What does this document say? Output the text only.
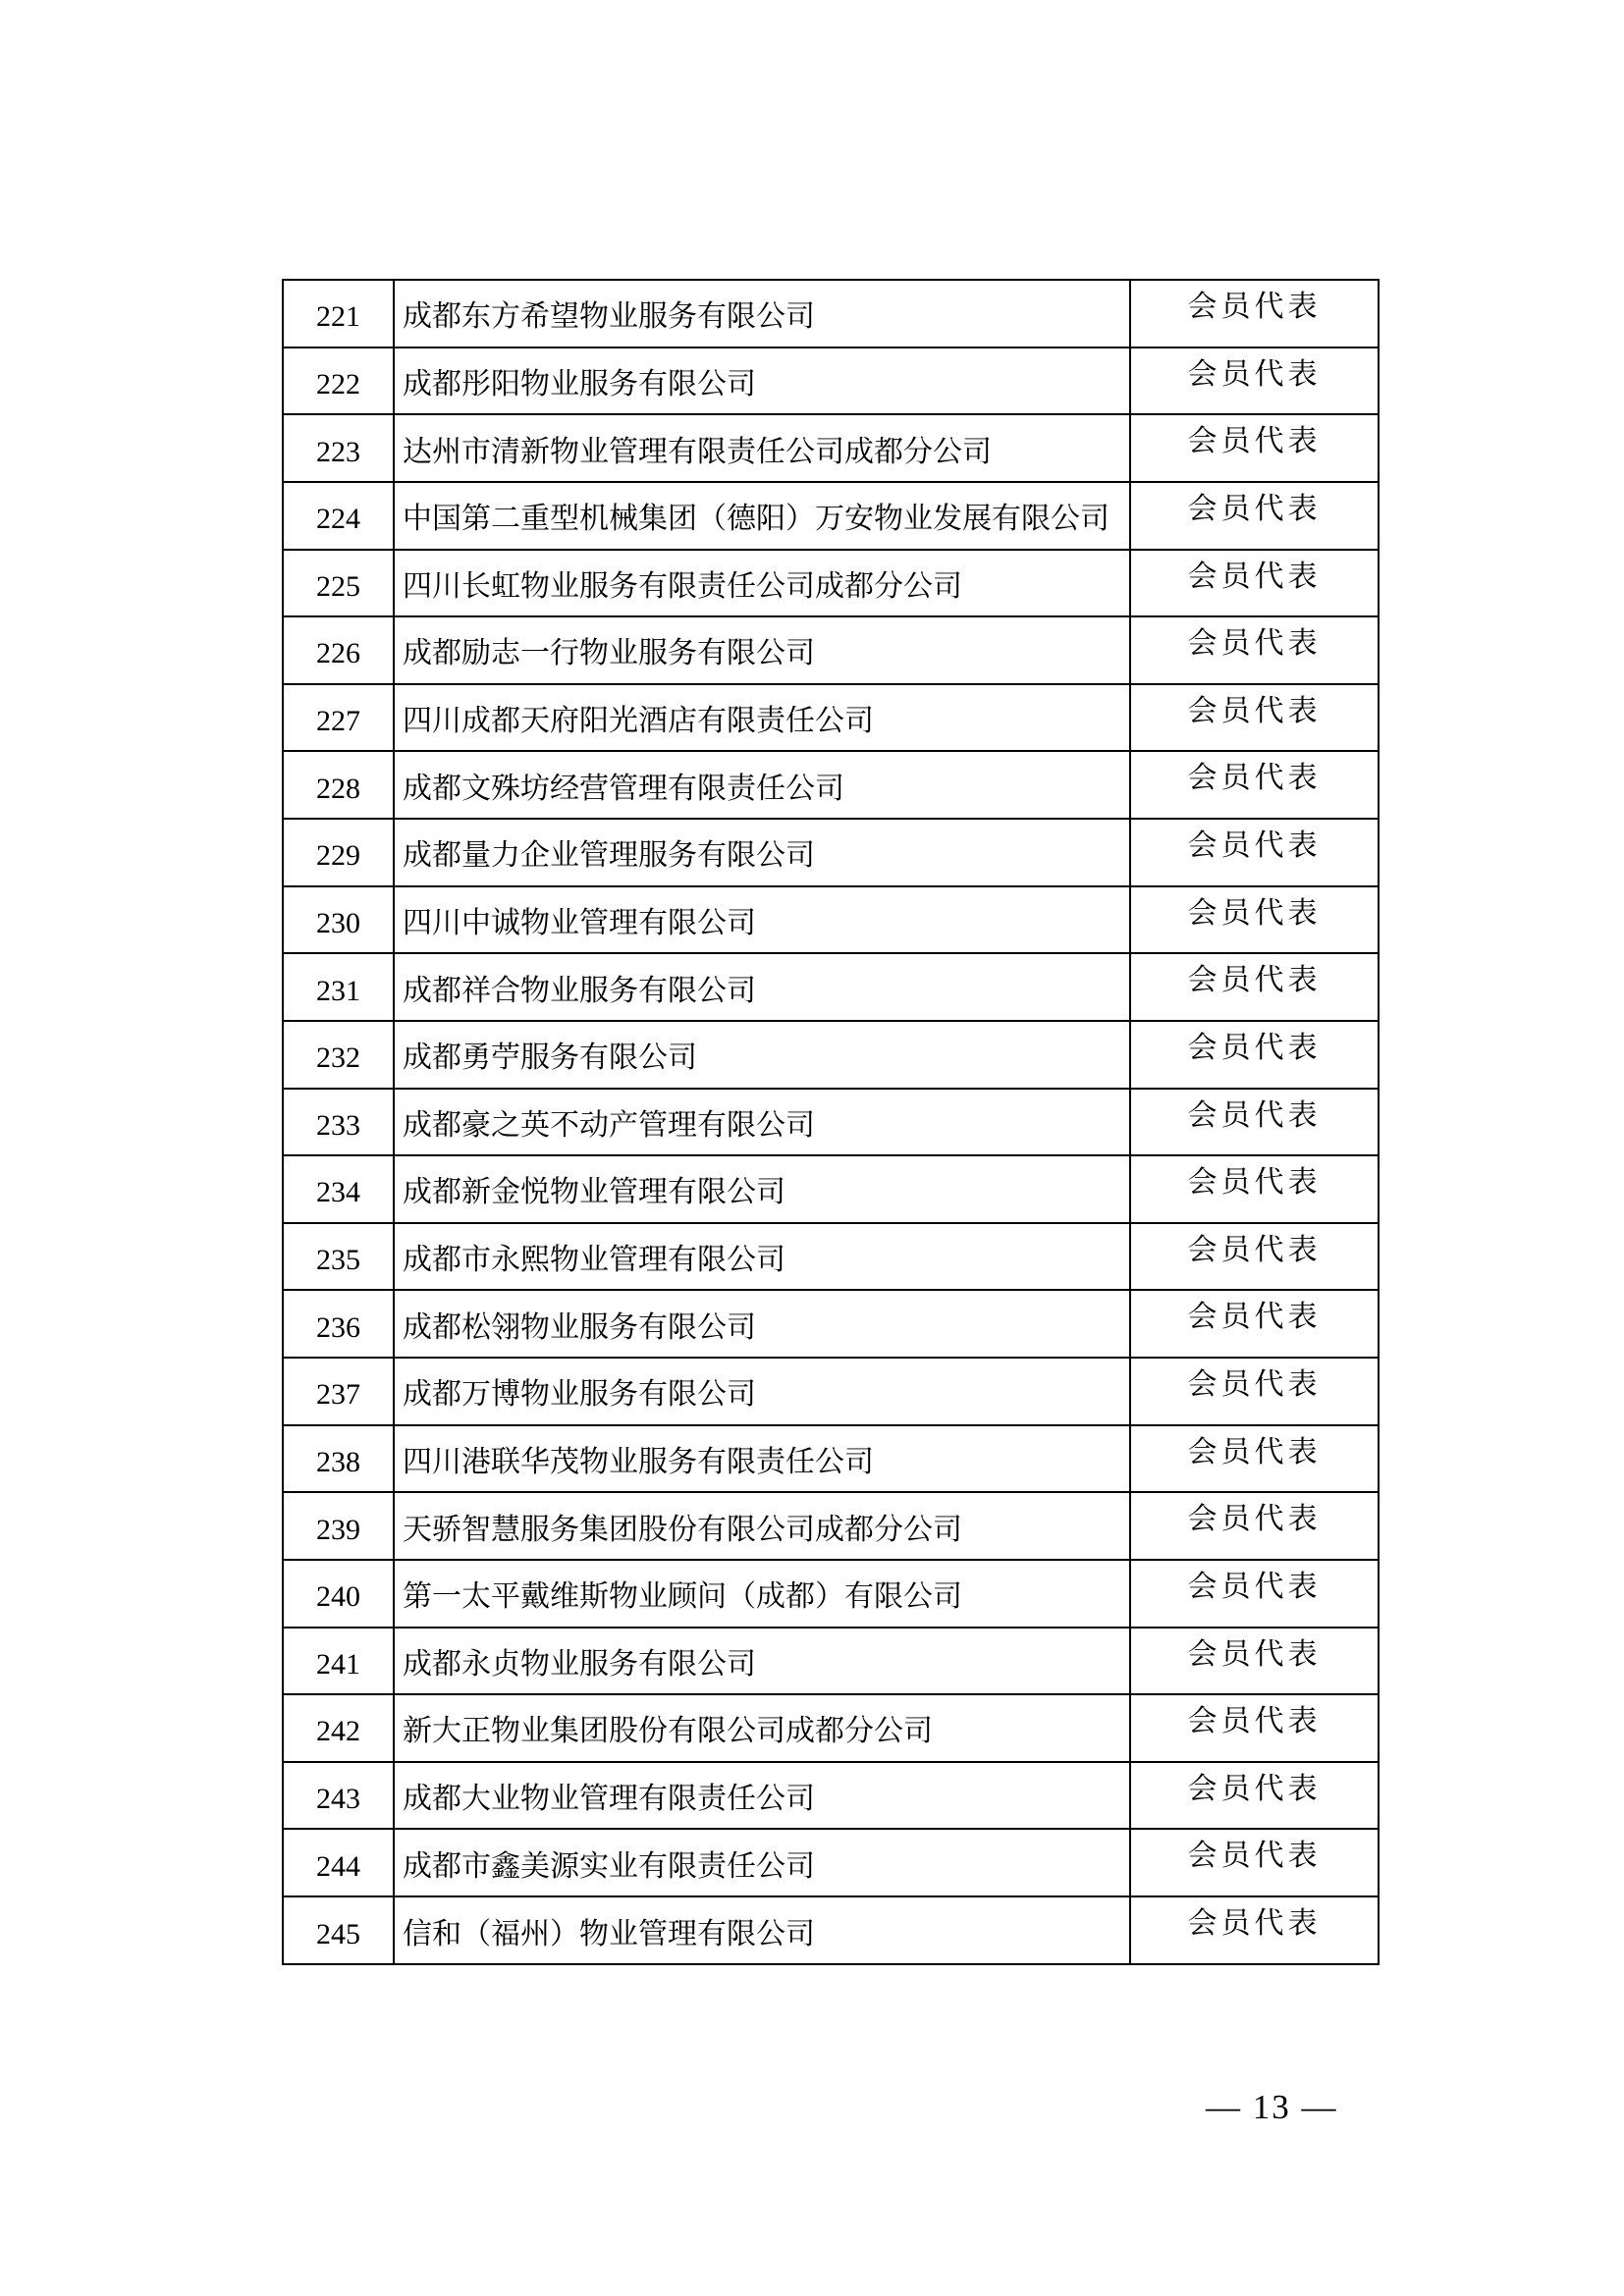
221	成都东方希望物业服务有限公司	会员代表
222	成都彤阳物业服务有限公司	会员代表
223	达州市清新物业管理有限责任公司成都分公司	会员代表
224	中国第二重型机械集团（德阳）万安物业发展有限公司	会员代表
225	四川长虹物业服务有限责任公司成都分公司	会员代表
226	成都励志一行物业服务有限公司	会员代表
227	四川成都天府阳光酒店有限责任公司	会员代表
228	成都文殊坊经营管理有限责任公司	会员代表
229	成都量力企业管理服务有限公司	会员代表
230	四川中诚物业管理有限公司	会员代表
231	成都祥合物业服务有限公司	会员代表
232	成都勇苧服务有限公司	会员代表
233	成都豪之英不动产管理有限公司	会员代表
234	成都新金悦物业管理有限公司	会员代表
235	成都市永熙物业管理有限公司	会员代表
236	成都松翎物业服务有限公司	会员代表
237	成都万博物业服务有限公司	会员代表
238	四川港联华茂物业服务有限责任公司	会员代表
239	天骄智慧服务集团股份有限公司成都分公司	会员代表
240	第一太平戴维斯物业顾问（成都）有限公司	会员代表
241	成都永贞物业服务有限公司	会员代表
242	新大正物业集团股份有限公司成都分公司	会员代表
243	成都大业物业管理有限责任公司	会员代表
244	成都市鑫美源实业有限责任公司	会员代表
245	信和（福州）物业管理有限公司	会员代表
— 13 —
